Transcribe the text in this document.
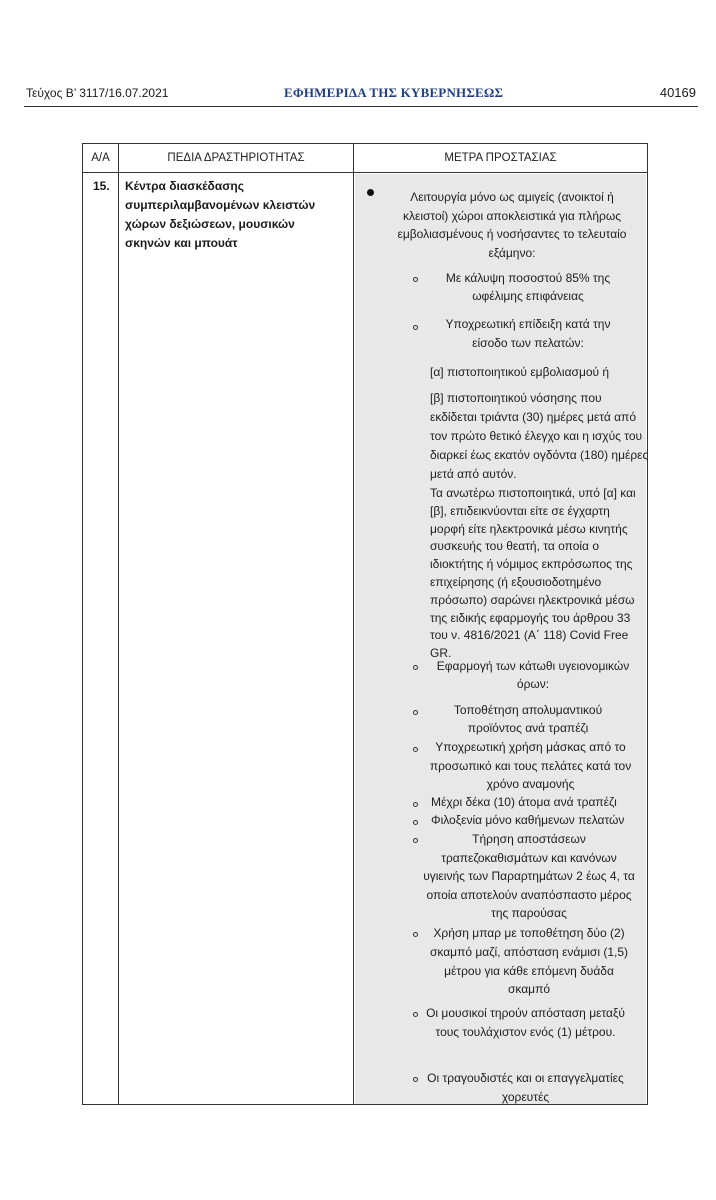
Τεύχος Β’ 3117/16.07.2021	ΕΦΗΜΕΡΙΔΑ ΤΗΣ ΚΥΒΕΡΝΗΣΕΩΣ	40169
Α/Α	ΠΕΔΙΑ ΔΡΑΣΤΗΡΙΟΤΗΤΑΣ	ΜΕΤΡΑ ΠΡΟΣΤΑΣΙΑΣ
15. Κέντρα διασκέδασης συμπεριλαμβανομένων κλειστών χώρων δεξιώσεων, μουσικών σκηνών και μπουάτ
Λειτουργία μόνο ως αμιγείς (ανοικτοί ή κλειστοί) χώροι αποκλειστικά για πλήρως εμβολιασμένους ή νοσήσαντες το τελευταίο εξάμηνο:
Με κάλυψη ποσοστού 85% της ωφέλιμης επιφάνειας
Υποχρεωτική επίδειξη κατά την είσοδο των πελατών:
[α] πιστοποιητικού εμβολιασμού ή
[β] πιστοποιητικού νόσησης που εκδίδεται τριάντα (30) ημέρες μετά από τον πρώτο θετικό έλεγχο και η ισχύς του διαρκεί έως εκατόν ογδόντα (180) ημέρες μετά από αυτόν.
Τα ανωτέρω πιστοποιητικά, υπό [α] και [β], επιδεικνύονται είτε σε έγχαρτη μορφή είτε ηλεκτρονικά μέσω κινητής συσκευής του θεατή, τα οποία ο ιδιοκτήτης ή νόμιμος εκπρόσωπος της επιχείρησης (ή εξουσιοδοτημένο πρόσωπο) σαρώνει ηλεκτρονικά μέσω της ειδικής εφαρμογής του άρθρου 33 του ν. 4816/2021 (Α΄ 118) Covid Free GR.
Εφαρμογή των κάτωθι υγειονομικών όρων:
Τοποθέτηση απολυμαντικού προϊόντος ανά τραπέζι
Υποχρεωτική χρήση μάσκας από το προσωπικό και τους πελάτες κατά τον χρόνο αναμονής
Μέχρι δέκα (10) άτομα ανά τραπέζι
Φιλοξενία μόνο καθήμενων πελατών
Τήρηση αποστάσεων τραπεζοκαθισμάτων και κανόνων υγιεινής των Παραρτημάτων 2 έως 4, τα οποία αποτελούν αναπόσπαστο μέρος της παρούσας
Χρήση μπαρ με τοποθέτηση δύο (2) σκαμπό μαζί, απόσταση ενάμισι (1,5) μέτρου για κάθε επόμενη δυάδα σκαμπό
Οι μουσικοί τηρούν απόσταση μεταξύ τους τουλάχιστον ενός (1) μέτρου.
Οι τραγουδιστές και οι επαγγελματίες χορευτές
